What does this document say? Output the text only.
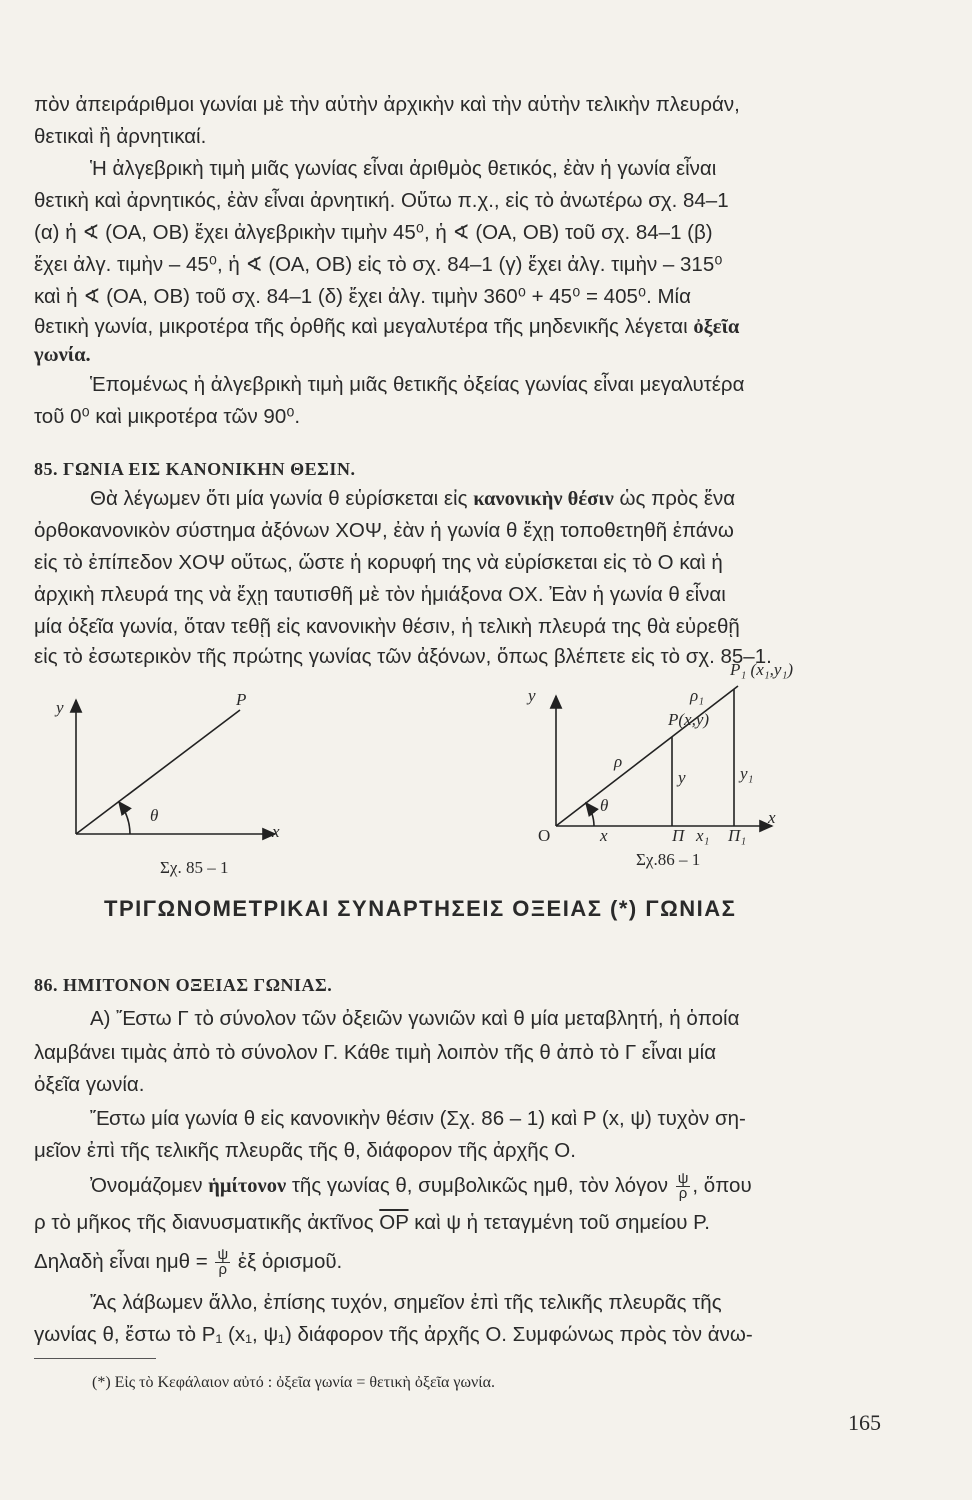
πὸν ἀπειράριθμοι γωνίαι μὲ τὴν αὐτὴν ἀρχικὴν καὶ τὴν αὐτὴν τελικὴν πλευράν,
θετικαὶ ἢ ἀρνητικαί.
Ἡ ἀλγεβρικὴ τιμὴ μιᾶς γωνίας εἶναι ἀριθμὸς θετικός, ἐὰν ἡ γωνία εἶναι
θετικὴ καὶ ἀρνητικός, ἐὰν εἶναι ἀρνητική. Οὕτω π.χ., εἰς τὸ ἀνωτέρω σχ. 84–1
(α) ἡ ∢ (ΟΑ, ΟΒ) ἔχει ἀλγεβρικὴν τιμὴν 45⁰, ἡ ∢ (ΟΑ, ΟΒ) τοῦ σχ. 84–1 (β)
ἔχει ἀλγ. τιμὴν – 45⁰, ἡ ∢ (ΟΑ, ΟΒ) εἰς τὸ σχ. 84–1 (γ) ἔχει ἀλγ. τιμὴν – 315⁰
καὶ ἡ ∢ (ΟΑ, ΟΒ) τοῦ σχ. 84–1 (δ) ἔχει ἀλγ. τιμὴν 360⁰ + 45⁰ = 405⁰. Μία
θετικὴ γωνία, μικροτέρα τῆς ὀρθῆς καὶ μεγαλυτέρα τῆς μηδενικῆς λέγεται ὀξεῖα
γωνία.
Ἑπομένως ἡ ἀλγεβρικὴ τιμὴ μιᾶς θετικῆς ὀξείας γωνίας εἶναι μεγαλυτέρα
τοῦ 0⁰ καὶ μικροτέρα τῶν 90⁰.
85. ΓΩΝΙΑ ΕΙΣ ΚΑΝΟΝΙΚΗΝ ΘΕΣΙΝ.
Θὰ λέγωμεν ὅτι μία γωνία θ εὑρίσκεται εἰς κανονικὴν θέσιν ὡς πρὸς ἕνα
ὀρθοκανονικὸν σύστημα ἀξόνων ΧΟΨ, ἐὰν ἡ γωνία θ ἔχῃ τοποθετηθῆ ἐπάνω
εἰς τὸ ἐπίπεδον ΧΟΨ οὕτως, ὥστε ἡ κορυφή της νὰ εὑρίσκεται εἰς τὸ Ο καὶ ἡ
ἀρχικὴ πλευρά της νὰ ἔχῃ ταυτισθῆ μὲ τὸν ἡμιάξονα ΟΧ. Ἐὰν ἡ γωνία θ εἶναι
μία ὀξεῖα γωνία, ὅταν τεθῇ εἰς κανονικὴν θέσιν, ἡ τελικὴ πλευρά της θὰ εὑρεθῇ
εἰς τὸ ἐσωτερικὸν τῆς πρώτης γωνίας τῶν ἀξόνων, ὅπως βλέπετε εἰς τὸ σχ. 85–1.
y	P
θ
x
Σχ. 85 – 1
y
P₁ (x₁,y₁)
ρ₁
P(x,y)
ρ
y	y₁
θ
O	x	Π x₁ Π₁
x
Σχ.86 – 1
ΤΡΙΓΩΝΟΜΕΤΡΙΚΑΙ ΣΥΝΑΡΤΗΣΕΙΣ ΟΞΕΙΑΣ (*) ΓΩΝΙΑΣ
86. ΗΜΙΤΟΝΟΝ ΟΞΕΙΑΣ ΓΩΝΙΑΣ.
Α) Ἔστω Γ τὸ σύνολον τῶν ὀξειῶν γωνιῶν καὶ θ μία μεταβλητή, ἡ ὁποία
λαμβάνει τιμὰς ἀπὸ τὸ σύνολον Γ. Κάθε τιμὴ λοιπὸν τῆς θ ἀπὸ τὸ Γ εἶναι μία
ὀξεῖα γωνία.
Ἔστω μία γωνία θ εἰς κανονικὴν θέσιν (Σχ. 86 – 1) καὶ Ρ (x, ψ) τυχὸν ση-
μεῖον ἐπὶ τῆς τελικῆς πλευρᾶς τῆς θ, διάφορον τῆς ἀρχῆς Ο.
Ὀνομάζομεν ἡμίτονον τῆς γωνίας θ, συμβολικῶς ημθ, τὸν λόγον $\frac{\psi}{\rho}$ , ὅπου
ρ τὸ μῆκος τῆς διανυσματικῆς ἀκτῖνος $\overline{OP}$ καὶ ψ ἡ τεταγμένη τοῦ σημείου Ρ.
Δηλαδὴ εἶναι $\eta\mu\theta = \frac{\psi}{\rho}$ ἐξ ὁρισμοῦ.
Ἄς λάβωμεν ἄλλο, ἐπίσης τυχόν, σημεῖον ἐπὶ τῆς τελικῆς πλευρᾶς τῆς
γωνίας θ, ἔστω τὸ Ρ₁ (x₁, ψ₁) διάφορον τῆς ἀρχῆς Ο. Συμφώνως πρὸς τὸν ἀνω-
(*) Εἰς τὸ Κεφάλαιον αὐτό : ὀξεῖα γωνία = θετικὴ ὀξεῖα γωνία.
165
